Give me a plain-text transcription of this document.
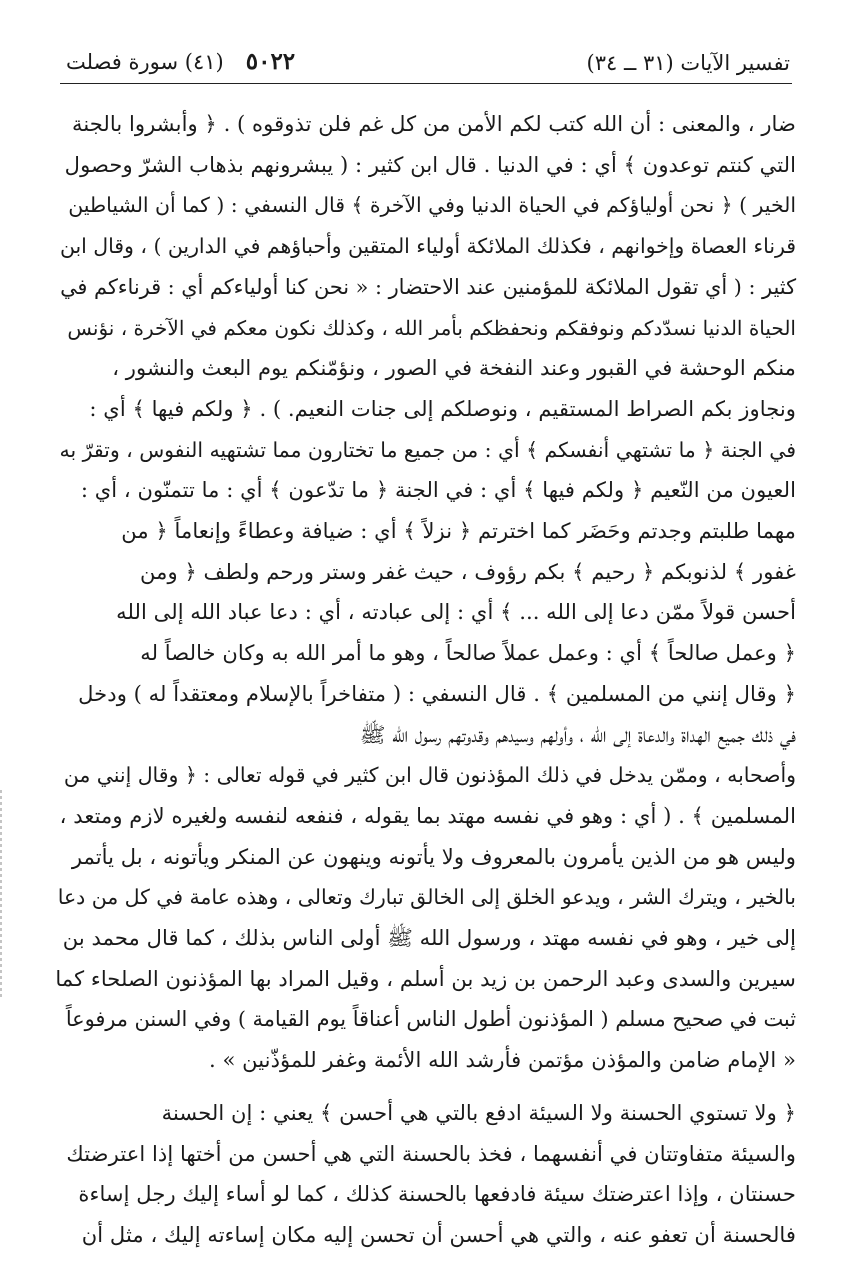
٥٠٢٢
(٤١) سورة فصلت	تفسير الآيات (٣١ ــ ٣٤)

ضار ، والمعنى : أن الله كتب لكم الأمن من كل غم فلن تذوقوه ) . ﴿ وأبشروا بالجنة
التي كنتم توعدون ﴾ أي : في الدنيا . قال ابن كثير : ( يبشرونهم بذهاب الشرّ وحصول
الخير ) ﴿ نحن أولياؤكم في الحياة الدنيا وفي الآخرة ﴾ قال النسفي : ( كما أن الشياطين
قرناء العصاة وإخوانهم ، فكذلك الملائكة أولياء المتقين وأحباؤهم في الدارين ) ، وقال ابن
كثير : ( أي تقول الملائكة للمؤمنين عند الاحتضار : « نحن كنا أولياءكم أي : قرناءكم في
الحياة الدنيا نسدّدكم ونوفقكم ونحفظكم بأمر الله ، وكذلك نكون معكم في الآخرة ، نؤنس
منكم الوحشة في القبور وعند النفخة في الصور ، ونؤمّنكم يوم البعث والنشور ،
ونجاوز بكم الصراط المستقيم ، ونوصلكم إلى جنات النعيم. ) . ﴿ ولكم فيها ﴾ أي :
في الجنة ﴿ ما تشتهي أنفسكم ﴾ أي : من جميع ما تختارون مما تشتهيه النفوس ، وتقرّ به
العيون من النّعيم ﴿ ولكم فيها ﴾ أي : في الجنة ﴿ ما تدّعون ﴾ أي : ما تتمنّون ، أي :
مهما طلبتم وجدتم وحَضَر كما اخترتم ﴿ نزلاً ﴾ أي : ضيافة وعطاءً وإنعاماً ﴿ من
غفور ﴾ لذنوبكم ﴿ رحيم ﴾ بكم رؤوف ، حيث غفر وستر ورحم ولطف ﴿ ومن
أحسن قولاً ممّن دعا إلى الله ... ﴾ أي : إلى عبادته ، أي : دعا عباد الله إلى الله
﴿ وعمل صالحاً ﴾ أي : وعمل عملاً صالحاً ، وهو ما أمر الله به وكان خالصاً له
﴿ وقال إنني من المسلمين ﴾ . قال النسفي : ( متفاخراً بالإسلام ومعتقداً له ) ودخل
في ذلك جميع الهداة والدعاة إلى الله ، وأولهم وسيدهم وقدوتهم رسول الله ﷺ
وأصحابه ، وممّن يدخل في ذلك المؤذنون قال ابن كثير في قوله تعالى : ﴿ وقال إنني من
المسلمين ﴾ . ( أي : وهو في نفسه مهتد بما يقوله ، فنفعه لنفسه ولغيره لازم ومتعد ،
وليس هو من الذين يأمرون بالمعروف ولا يأتونه وينهون عن المنكر ويأتونه ، بل يأتمر
بالخير ، ويترك الشر ، ويدعو الخلق إلى الخالق تبارك وتعالى ، وهذه عامة في كل من دعا
إلى خير ، وهو في نفسه مهتد ، ورسول الله ﷺ أولى الناس بذلك ، كما قال محمد بن
سيرين والسدى وعبد الرحمن بن زيد بن أسلم ، وقيل المراد بها المؤذنون الصلحاء كما
ثبت في صحيح مسلم ( المؤذنون أطول الناس أعناقاً يوم القيامة ) وفي السنن مرفوعاً
« الإمام ضامن والمؤذن مؤتمن فأرشد الله الأئمة وغفر للمؤذّنين » .

﴿ ولا تستوي الحسنة ولا السيئة ادفع بالتي هي أحسن ﴾ يعني : إن الحسنة
والسيئة متفاوتتان في أنفسهما ، فخذ بالحسنة التي هي أحسن من أختها إذا اعترضتك
حسنتان ، وإذا اعترضتك سيئة فادفعها بالحسنة كذلك ، كما لو أساء إليك رجل إساءة
فالحسنة أن تعفو عنه ، والتي هي أحسن أن تحسن إليه مكان إساءته إليك ، مثل أن
